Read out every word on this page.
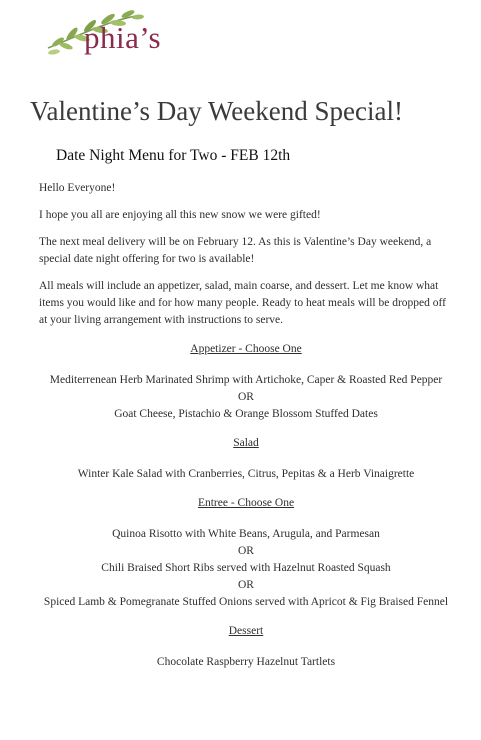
phia’s
Valentine’s Day Weekend Special!
Date Night Menu for Two - FEB 12th

Hello Everyone!

I hope you all are enjoying all this new snow we were gifted!

The next meal delivery will be on February 12. As this is Valentine’s Day weekend, a special date night offering for two is available!

All meals will include an appetizer, salad, main coarse, and dessert. Let me know what items you would like and for how many people. Ready to heat meals will be dropped off at your living arrangement with instructions to serve.

Appetizer - Choose One
Mediterrenean Herb Marinated Shrimp with Artichoke, Caper & Roasted Red Pepper
OR
Goat Cheese, Pistachio & Orange Blossom Stuffed Dates
Salad
Winter Kale Salad with Cranberries, Citrus, Pepitas & a Herb Vinaigrette
Entree - Choose One
Quinoa Risotto with White Beans, Arugula, and Parmesan
OR
Chili Braised Short Ribs served with Hazelnut Roasted Squash
OR
Spiced Lamb & Pomegranate Stuffed Onions served with Apricot & Fig Braised Fennel
Dessert
Chocolate Raspberry Hazelnut Tartlets
